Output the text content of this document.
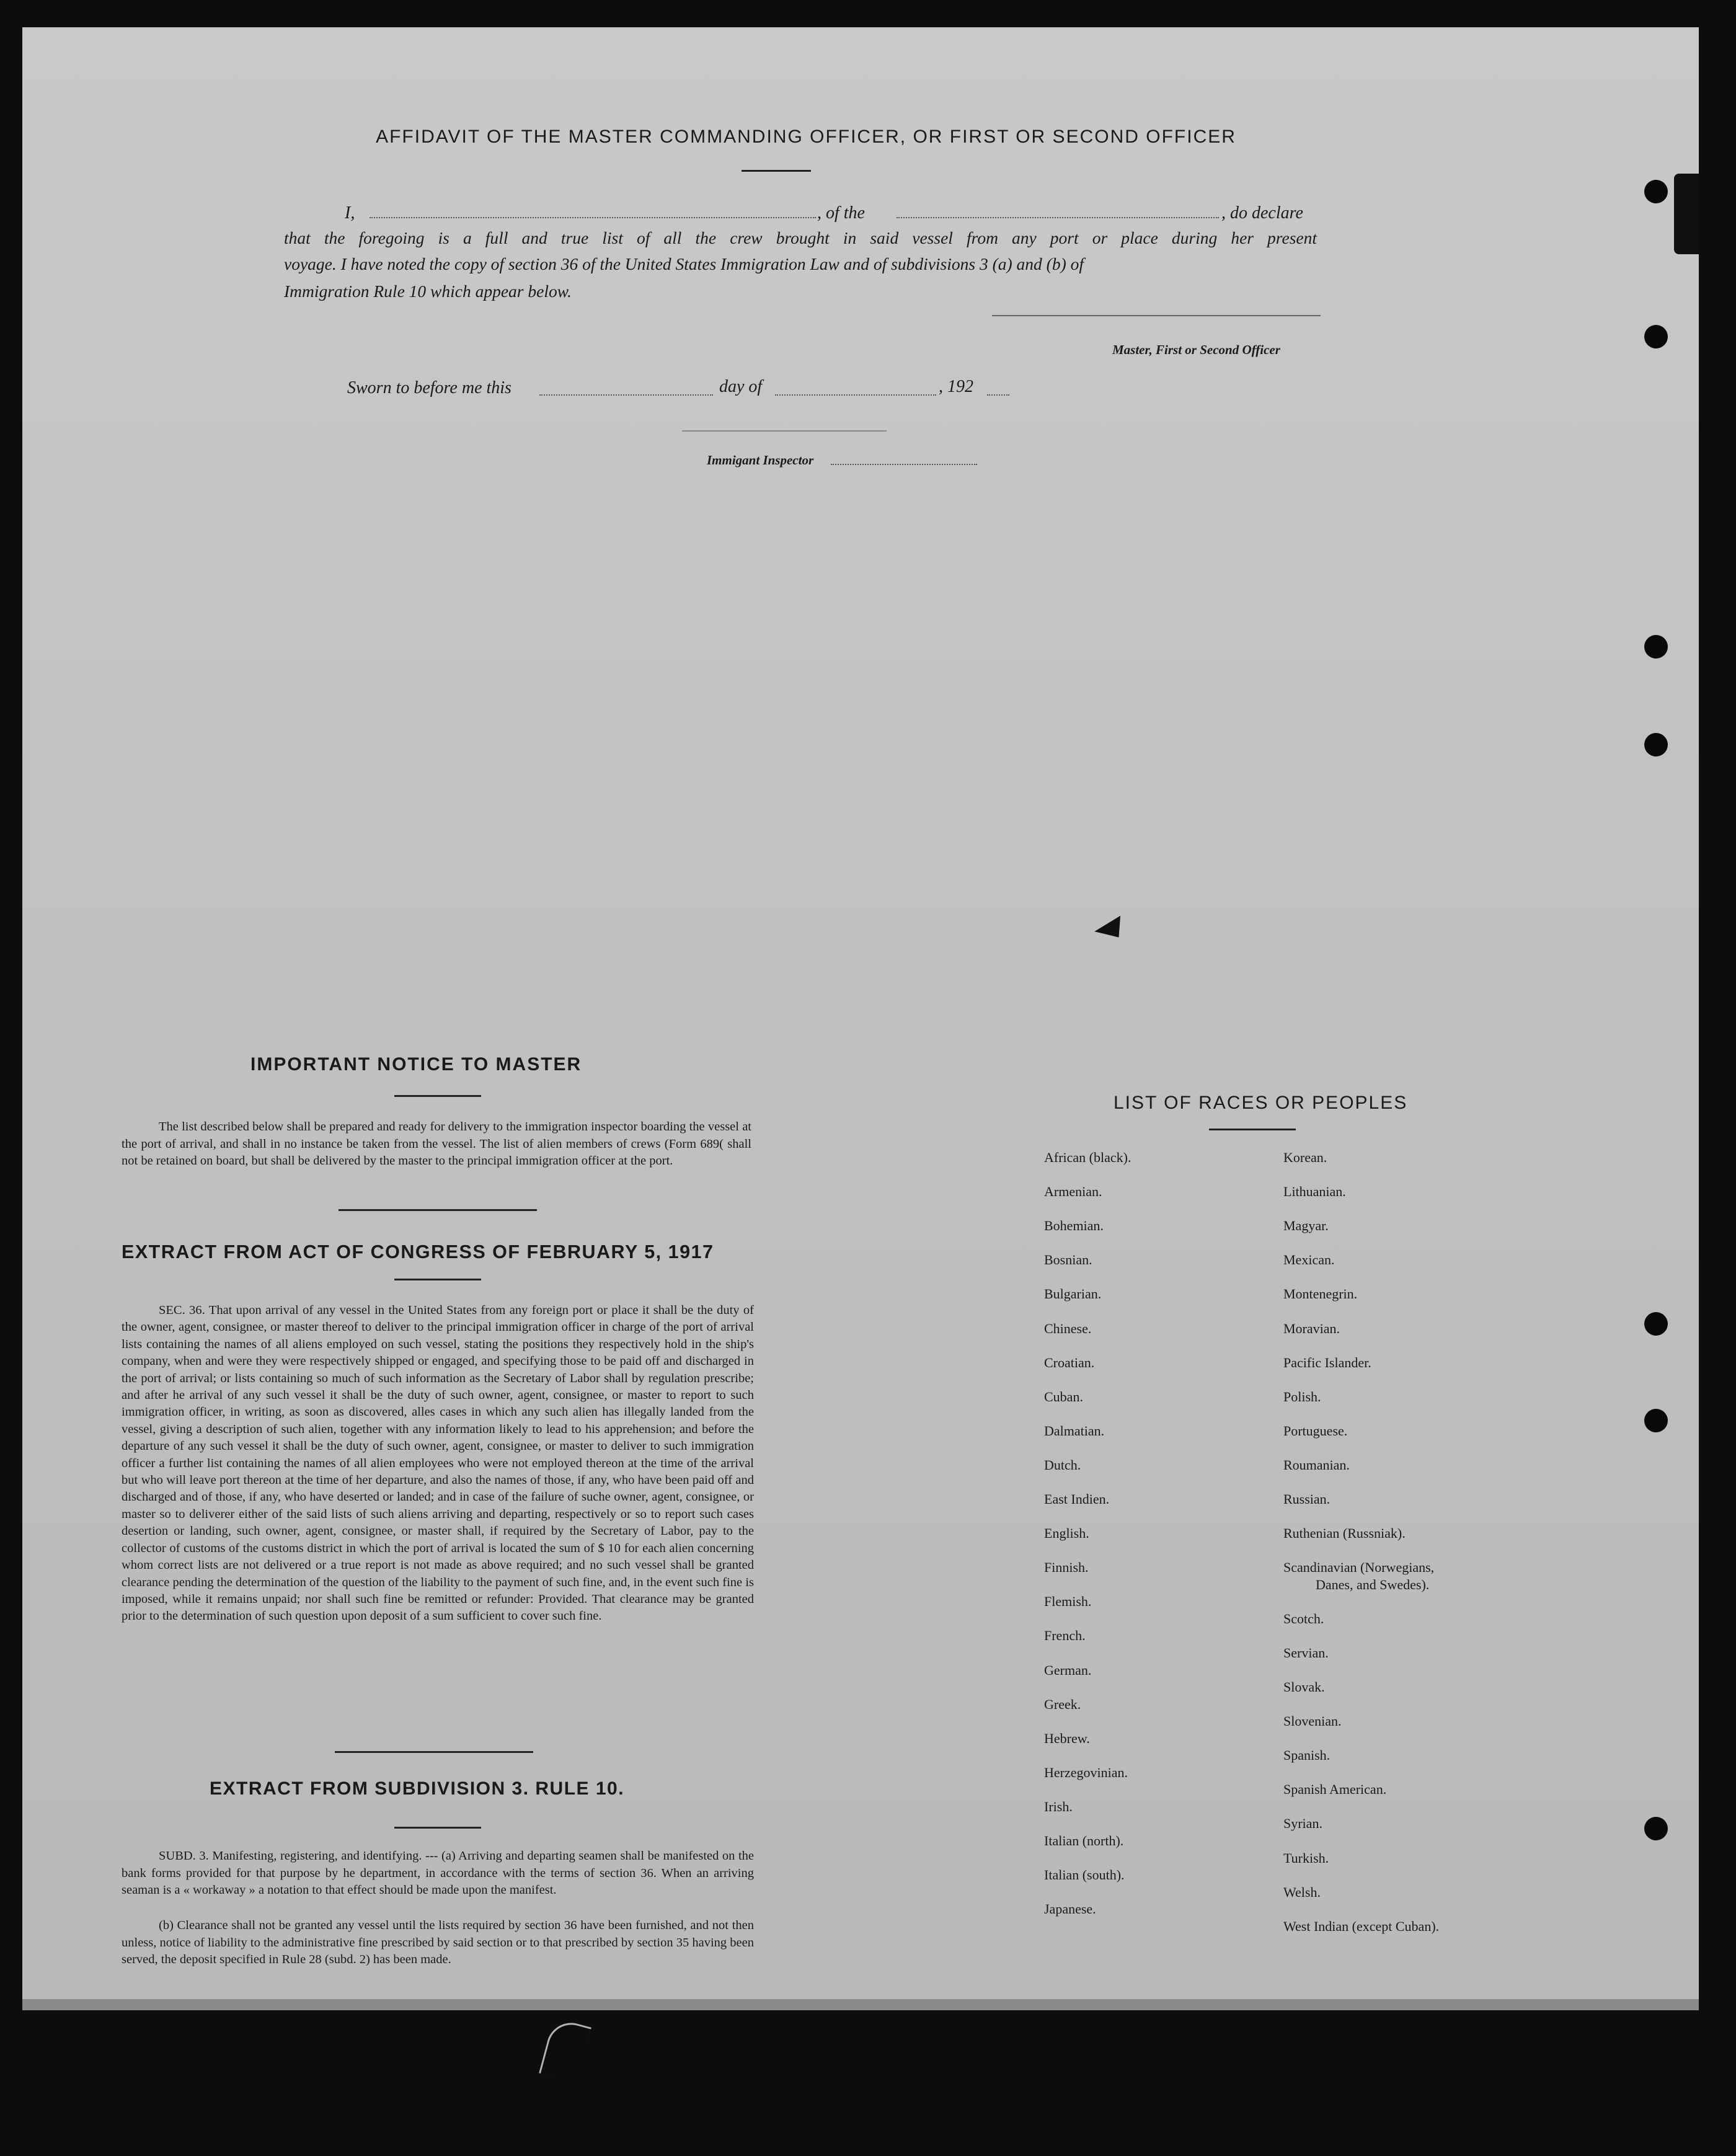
AFFIDAVIT OF THE MASTER COMMANDING OFFICER, OR FIRST OR SECOND OFFICER
I,	, of the	, do declare
that the foregoing is a full and true list of all the crew brought in said vessel from any port or place during her present
voyage. I have noted the copy of section 36 of the United States Immigration Law and of subdivisions 3 (a) and (b) of
Immigration Rule 10 which appear below.
Master, First or Second Officer
Sworn to before me this	day of	, 192
Immigant Inspector
IMPORTANT NOTICE TO MASTER
The list described below shall be prepared and ready for delivery to the immigration inspector boarding the vessel at the port of arrival, and shall in no instance be taken from the vessel. The list of alien members of crews (Form 689( shall not be retained on board, but shall be delivered by the master to the principal immigration officer at the port.
EXTRACT FROM ACT OF CONGRESS OF FEBRUARY 5, 1917
SEC. 36. That upon arrival of any vessel in the United States from any foreign port or place it shall be the duty of the owner, agent, consignee, or master thereof to deliver to the principal immigration officer in charge of the port of arrival lists containing the names of all aliens employed on such vessel, stating the positions they respectively hold in the ship's company, when and were they were respectively shipped or engaged, and specifying those to be paid off and discharged in the port of arrival; or lists containing so much of such information as the Secretary of Labor shall by regulation prescribe; and after he arrival of any such vessel it shall be the duty of such owner, agent, consignee, or master to report to such immigration officer, in writing, as soon as discovered, alles cases in which any such alien has illegally landed from the vessel, giving a description of such alien, together with any information likely to lead to his apprehension; and before the departure of any such vessel it shall be the duty of such owner, agent, consignee, or master to deliver to such immigration officer a further list containing the names of all alien employees who were not employed thereon at the time of the arrival but who will leave port thereon at the time of her departure, and also the names of those, if any, who have been paid off and discharged and of those, if any, who have deserted or landed; and in case of the failure of suche owner, agent, consignee, or master so to deliverer either of the said lists of such aliens arriving and departing, respectively or so to report such cases desertion or landing, such owner, agent, consignee, or master shall, if required by the Secretary of Labor, pay to the collector of customs of the customs district in which the port of arrival is located the sum of $ 10 for each alien concerning whom correct lists are not delivered or a true report is not made as above required; and no such vessel shall be granted clearance pending the determination of the question of the liability to the payment of such fine, and, in the event such fine is imposed, while it remains unpaid; nor shall such fine be remitted or refunder: Provided. That clearance may be granted prior to the determination of such question upon deposit of a sum sufficient to cover such fine.
EXTRACT FROM SUBDIVISION 3. RULE 10.
SUBD. 3. Manifesting, registering, and identifying. --- (a) Arriving and departing seamen shall be manifested on the bank forms provided for that purpose by he department, in accordance with the terms of section 36. When an arriving seaman is a « workaway » a notation to that effect should be made upon the manifest.
(b) Clearance shall not be granted any vessel until the lists required by section 36 have been furnished, and not then unless, notice of liability to the administrative fine prescribed by said section or to that prescribed by section 35 having been served, the deposit specified in Rule 28 (subd. 2) has been made.
LIST OF RACES OR PEOPLES
African (black).
Armenian.
Bohemian.
Bosnian.
Bulgarian.
Chinese.
Croatian.
Cuban.
Dalmatian.
Dutch.
East Indien.
English.
Finnish.
Flemish.
French.
German.
Greek.
Hebrew.
Herzegovinian.
Irish.
Italian (north).
Italian (south).
Japanese.
Korean.
Lithuanian.
Magyar.
Mexican.
Montenegrin.
Moravian.
Pacific Islander.
Polish.
Portuguese.
Roumanian.
Russian.
Ruthenian (Russniak).
Scandinavian (Norwegians,
Danes, and Swedes).
Scotch.
Servian.
Slovak.
Slovenian.
Spanish.
Spanish American.
Syrian.
Turkish.
Welsh.
West Indian (except Cuban).
